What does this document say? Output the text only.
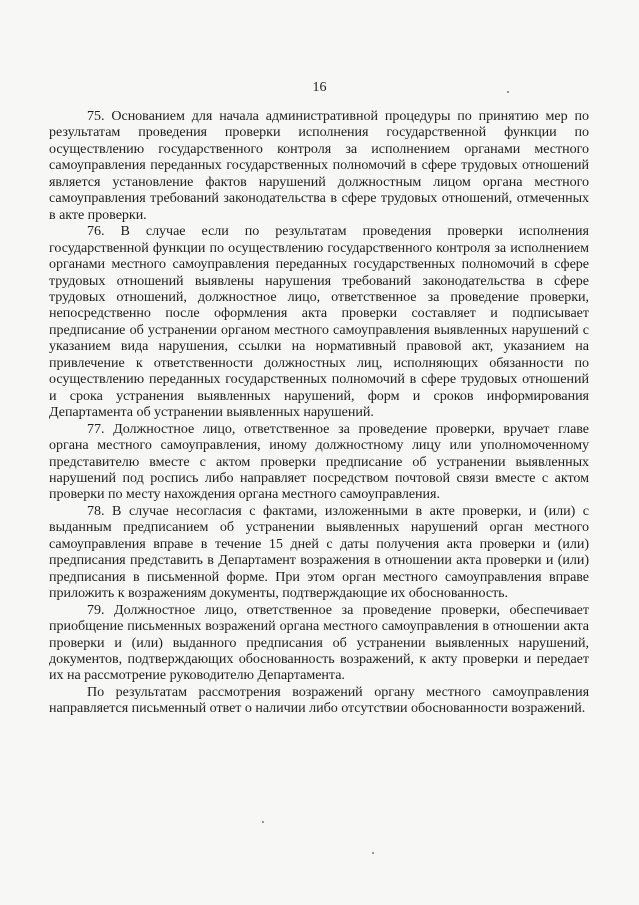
16

75. Основанием для начала административной процедуры по принятию мер по результатам проведения проверки исполнения государственной функции по осуществлению государственного контроля за исполнением органами местного самоуправления переданных государственных полномочий в сфере трудовых отношений является установление фактов нарушений должностным лицом органа местного самоуправления требований законодательства в сфере трудовых отношений, отмеченных в акте проверки.

76. В случае если по результатам проведения проверки исполнения государственной функции по осуществлению государственного контроля за исполнением органами местного самоуправления переданных государственных полномочий в сфере трудовых отношений выявлены нарушения требований законодательства в сфере трудовых отношений, должностное лицо, ответственное за проведение проверки, непосредственно после оформления акта проверки составляет и подписывает предписание об устранении органом местного самоуправления выявленных нарушений с указанием вида нарушения, ссылки на нормативный правовой акт, указанием на привлечение к ответственности должностных лиц, исполняющих обязанности по осуществлению переданных государственных полномочий в сфере трудовых отношений и срока устранения выявленных нарушений, форм и сроков информирования Департамента об устранении выявленных нарушений.

77. Должностное лицо, ответственное за проведение проверки, вручает главе органа местного самоуправления, иному должностному лицу или уполномоченному представителю вместе с актом проверки предписание об устранении выявленных нарушений под роспись либо направляет посредством почтовой связи вместе с актом проверки по месту нахождения органа местного самоуправления.

78. В случае несогласия с фактами, изложенными в акте проверки, и (или) с выданным предписанием об устранении выявленных нарушений орган местного самоуправления вправе в течение 15 дней с даты получения акта проверки и (или) предписания представить в Департамент возражения в отношении акта проверки и (или) предписания в письменной форме. При этом орган местного самоуправления вправе приложить к возражениям документы, подтверждающие их обоснованность.

79. Должностное лицо, ответственное за проведение проверки, обеспечивает приобщение письменных возражений органа местного самоуправления в отношении акта проверки и (или) выданного предписания об устранении выявленных нарушений, документов, подтверждающих обоснованность возражений, к акту проверки и передает их на рассмотрение руководителю Департамента.

По результатам рассмотрения возражений органу местного самоуправления направляется письменный ответ о наличии либо отсутствии обоснованности возражений.
